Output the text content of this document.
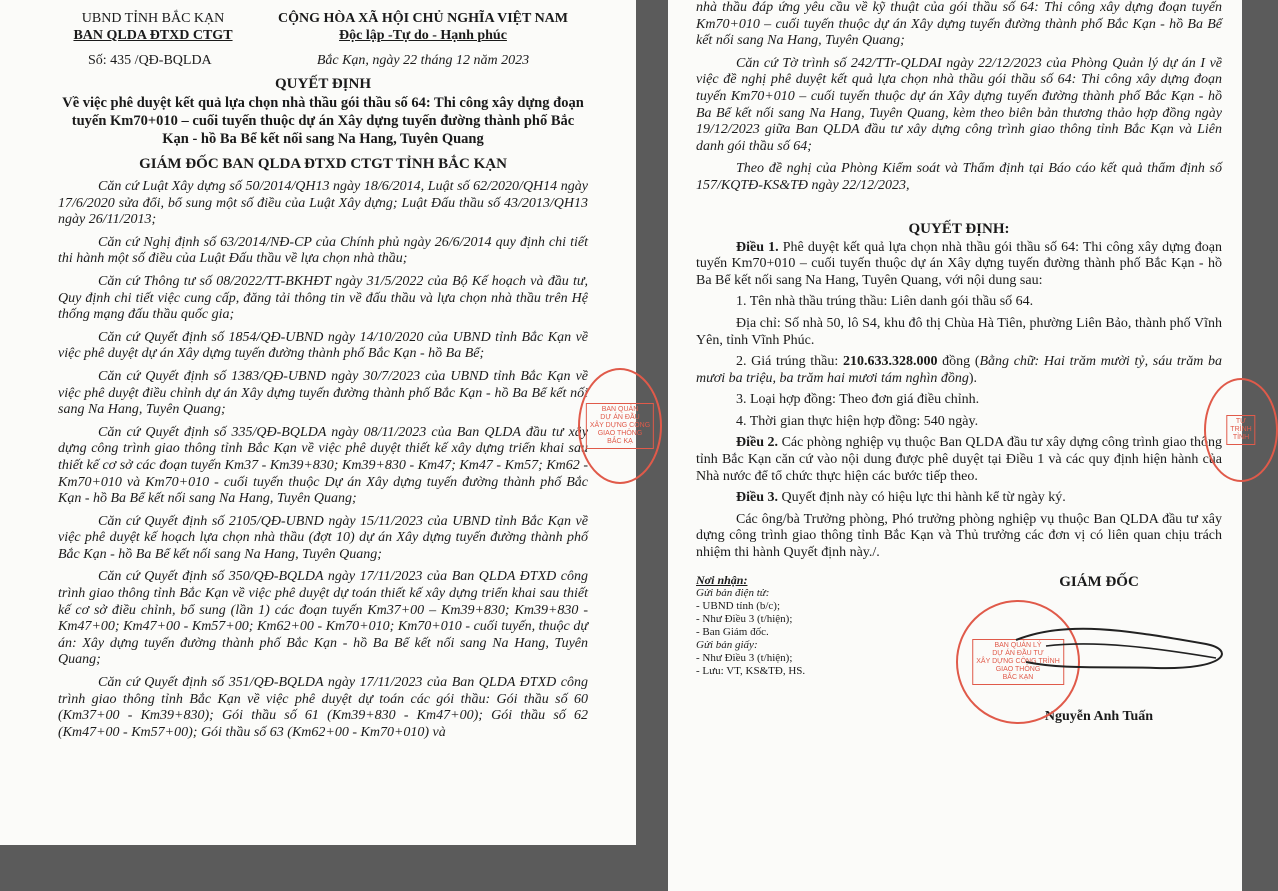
UBND TỈNH BẮC KẠN

BAN QLDA ĐTXD CTGT

Số: 435 /QĐ-BQLDA

CỘNG HÒA XÃ HỘI CHỦ NGHĨA VIỆT NAM

Độc lập -Tự do - Hạnh phúc

Bắc Kạn, ngày 22 tháng 12 năm 2023

QUYẾT ĐỊNH

Về việc phê duyệt kết quả lựa chọn nhà thầu gói thầu số 64: Thi công xây dựng đoạn tuyến Km70+010 – cuối tuyến thuộc dự án Xây dựng tuyến đường thành phố Bắc Kạn - hồ Ba Bể kết nối sang Na Hang, Tuyên Quang

GIÁM ĐỐC BAN QLDA ĐTXD CTGT TỈNH BẮC KẠN

Căn cứ Luật Xây dựng số 50/2014/QH13 ngày 18/6/2014, Luật số 62/2020/QH14 ngày 17/6/2020 sửa đổi, bổ sung một số điều của Luật Xây dựng; Luật Đấu thầu số 43/2013/QH13 ngày 26/11/2013;

Căn cứ Nghị định số 63/2014/NĐ-CP của Chính phủ ngày 26/6/2014 quy định chi tiết thi hành một số điều của Luật Đấu thầu về lựa chọn nhà thầu;

Căn cứ Thông tư số 08/2022/TT-BKHĐT ngày 31/5/2022 của Bộ Kế hoạch và đầu tư, Quy định chi tiết việc cung cấp, đăng tải thông tin về đấu thầu và lựa chọn nhà thầu trên Hệ thống mạng đấu thầu quốc gia;

Căn cứ Quyết định số 1854/QĐ-UBND ngày 14/10/2020 của UBND tỉnh Bắc Kạn về việc phê duyệt dự án Xây dựng tuyến đường thành phố Bắc Kạn - hồ Ba Bể;

Căn cứ Quyết định số 1383/QĐ-UBND ngày 30/7/2023 của UBND tỉnh Bắc Kạn về việc phê duyệt điều chỉnh dự án Xây dựng tuyến đường thành phố Bắc Kạn - hồ Ba Bể kết nối sang Na Hang, Tuyên Quang;

Căn cứ Quyết định số 335/QĐ-BQLDA ngày 08/11/2023 của Ban QLDA đầu tư xây dựng công trình giao thông tỉnh Bắc Kạn về việc phê duyệt thiết kế xây dựng triển khai sau thiết kế cơ sở các đoạn tuyến Km37 - Km39+830; Km39+830 - Km47; Km47 - Km57; Km62 - Km70+010 và Km70+010 - cuối tuyến thuộc Dự án Xây dựng tuyến đường thành phố Bắc Kạn - hồ Ba Bể kết nối sang Na Hang, Tuyên Quang;

Căn cứ Quyết định số 2105/QĐ-UBND ngày 15/11/2023 của UBND tỉnh Bắc Kạn về việc phê duyệt kế hoạch lựa chọn nhà thầu (đợt 10) dự án Xây dựng tuyến đường thành phố Bắc Kạn - hồ Ba Bể kết nối sang Na Hang, Tuyên Quang;

Căn cứ Quyết định số 350/QĐ-BQLDA ngày 17/11/2023 của Ban QLDA ĐTXD công trình giao thông tỉnh Bắc Kạn về việc phê duyệt dự toán thiết kế xây dựng triển khai sau thiết kế cơ sở điều chỉnh, bổ sung (lần 1) các đoạn tuyến Km37+00 – Km39+830; Km39+830 - Km47+00; Km47+00 - Km57+00; Km62+00 - Km70+010; Km70+010 - cuối tuyến, thuộc dự án: Xây dựng tuyến đường thành phố Bắc Kạn - hồ Ba Bể kết nối sang Na Hang, Tuyên Quang;

Căn cứ Quyết định số 351/QĐ-BQLDA ngày 17/11/2023 của Ban QLDA ĐTXD công trình giao thông tỉnh Bắc Kạn về việc phê duyệt dự toán các gói thầu: Gói thầu số 60 (Km37+00 - Km39+830); Gói thầu số 61 (Km39+830 - Km47+00); Gói thầu số 62 (Km47+00 - Km57+00); Gói thầu số 63 (Km62+00 - Km70+010) và

BAN QUẢN
DỰ ÁN ĐẦU
XÂY DỰNG CÔNG
GIAO THÔNG
BẮC KẠ

nhà thầu đáp ứng yêu cầu về kỹ thuật của gói thầu số 64: Thi công xây dựng đoạn tuyến Km70+010 – cuối tuyến thuộc dự án Xây dựng tuyến đường thành phố Bắc Kạn - hồ Ba Bể kết nối sang Na Hang, Tuyên Quang;

Căn cứ Tờ trình số 242/TTr-QLDAI ngày 22/12/2023 của Phòng Quản lý dự án I về việc đề nghị phê duyệt kết quả lựa chọn nhà thầu gói thầu số 64: Thi công xây dựng đoạn tuyến Km70+010 – cuối tuyến thuộc dự án Xây dựng tuyến đường thành phố Bắc Kạn - hồ Ba Bể kết nối sang Na Hang, Tuyên Quang, kèm theo biên bản thương thảo hợp đồng ngày 19/12/2023 giữa Ban QLDA đầu tư xây dựng công trình giao thông tỉnh Bắc Kạn và Liên danh gói thầu số 64;

Theo đề nghị của Phòng Kiểm soát và Thẩm định tại Báo cáo kết quả thẩm định số 157/KQTĐ-KS&TĐ ngày 22/12/2023,

QUYẾT ĐỊNH:

Điều 1. Phê duyệt kết quả lựa chọn nhà thầu gói thầu số 64: Thi công xây dựng đoạn tuyến Km70+010 – cuối tuyến thuộc dự án Xây dựng tuyến đường thành phố Bắc Kạn - hồ Ba Bể kết nối sang Na Hang, Tuyên Quang, với nội dung sau:

1. Tên nhà thầu trúng thầu: Liên danh gói thầu số 64.

Địa chỉ: Số nhà 50, lô S4, khu đô thị Chùa Hà Tiên, phường Liên Bảo, thành phố Vĩnh Yên, tỉnh Vĩnh Phúc.

2. Giá trúng thầu: 210.633.328.000 đồng (Bằng chữ: Hai trăm mười tỷ, sáu trăm ba mươi ba triệu, ba trăm hai mươi tám nghìn đồng).

3. Loại hợp đồng: Theo đơn giá điều chỉnh.

4. Thời gian thực hiện hợp đồng: 540 ngày.

Điều 2. Các phòng nghiệp vụ thuộc Ban QLDA đầu tư xây dựng công trình giao thông tỉnh Bắc Kạn căn cứ vào nội dung được phê duyệt tại Điều 1 và các quy định hiện hành của Nhà nước để tổ chức thực hiện các bước tiếp theo.

Điều 3. Quyết định này có hiệu lực thi hành kể từ ngày ký.

Các ông/bà Trưởng phòng, Phó trưởng phòng nghiệp vụ thuộc Ban QLDA đầu tư xây dựng công trình giao thông tỉnh Bắc Kạn và Thủ trưởng các đơn vị có liên quan chịu trách nhiệm thi hành Quyết định này./.

Nơi nhận:

Gửi bản điện tử:

- UBND tỉnh (b/c);

- Như Điều 3 (t/hiện);

- Ban Giám đốc.

Gửi bản giấy:

- Như Điều 3 (t/hiện);

- Lưu: VT, KS&TĐ, HS.

GIÁM ĐỐC

BAN QUẢN LÝ
DỰ ÁN ĐẦU TƯ
XÂY DỰNG CÔNG TRÌNH
GIAO THÔNG
BẮC KẠN

Nguyễn Anh Tuấn

TƯ
TRÌNH
TỈNH
